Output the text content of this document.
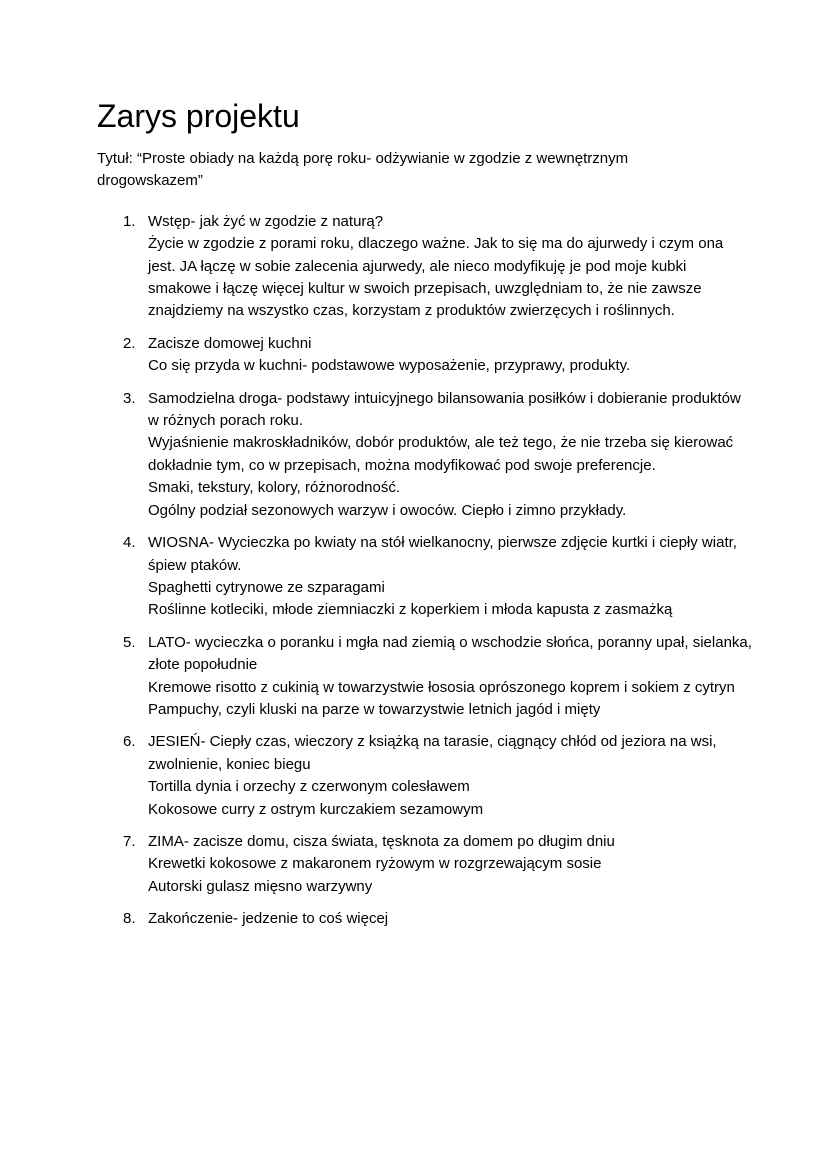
Zarys projektu

Tytuł: “Proste obiady na każdą porę roku- odżywianie w zgodzie z wewnętrznym drogowskazem”

1. Wstęp- jak żyć w zgodzie z naturą?

Życie w zgodzie z porami roku, dlaczego ważne. Jak to się ma do ajurwedy i czym ona jest. JA łączę w sobie zalecenia ajurwedy, ale nieco modyfikuję je pod moje kubki smakowe i łączę więcej kultur w swoich przepisach, uwzględniam to, że nie zawsze znajdziemy na wszystko czas, korzystam z produktów zwierzęcych i roślinnych.

2. Zacisze domowej kuchni

Co się przyda w kuchni- podstawowe wyposażenie, przyprawy, produkty.

3. Samodzielna droga- podstawy intuicyjnego bilansowania posiłków i dobieranie produktów w różnych porach roku.

Wyjaśnienie makroskładników, dobór produktów, ale też tego, że nie trzeba się kierować dokładnie tym, co w przepisach, można modyfikować pod swoje preferencje.

Smaki, tekstury, kolory, różnorodność.

Ogólny podział sezonowych warzyw i owoców. Ciepło i zimno przykłady.

4. WIOSNA- Wycieczka po kwiaty na stół wielkanocny, pierwsze zdjęcie kurtki i ciepły wiatr, śpiew ptaków.

Spaghetti cytrynowe ze szparagami

Roślinne kotleciki, młode ziemniaczki z koperkiem i młoda kapusta z zasmażką

5. LATO- wycieczka o poranku i mgła nad ziemią o wschodzie słońca, poranny upał, sielanka, złote popołudnie

Kremowe risotto z cukinią w towarzystwie łososia oprószonego koprem i sokiem z cytryn

Pampuchy, czyli kluski na parze w towarzystwie letnich jagód i mięty

6. JESIEŃ- Ciepły czas, wieczory z książką na tarasie, ciągnący chłód od jeziora na wsi, zwolnienie, koniec biegu

Tortilla dynia i orzechy z czerwonym colesławem

Kokosowe curry z ostrym kurczakiem sezamowym

7. ZIMA- zacisze domu, cisza świata, tęsknota za domem po długim dniu

Krewetki kokosowe z makaronem ryżowym w rozgrzewającym sosie

Autorski gulasz mięsno warzywny

8. Zakończenie- jedzenie to coś więcej
